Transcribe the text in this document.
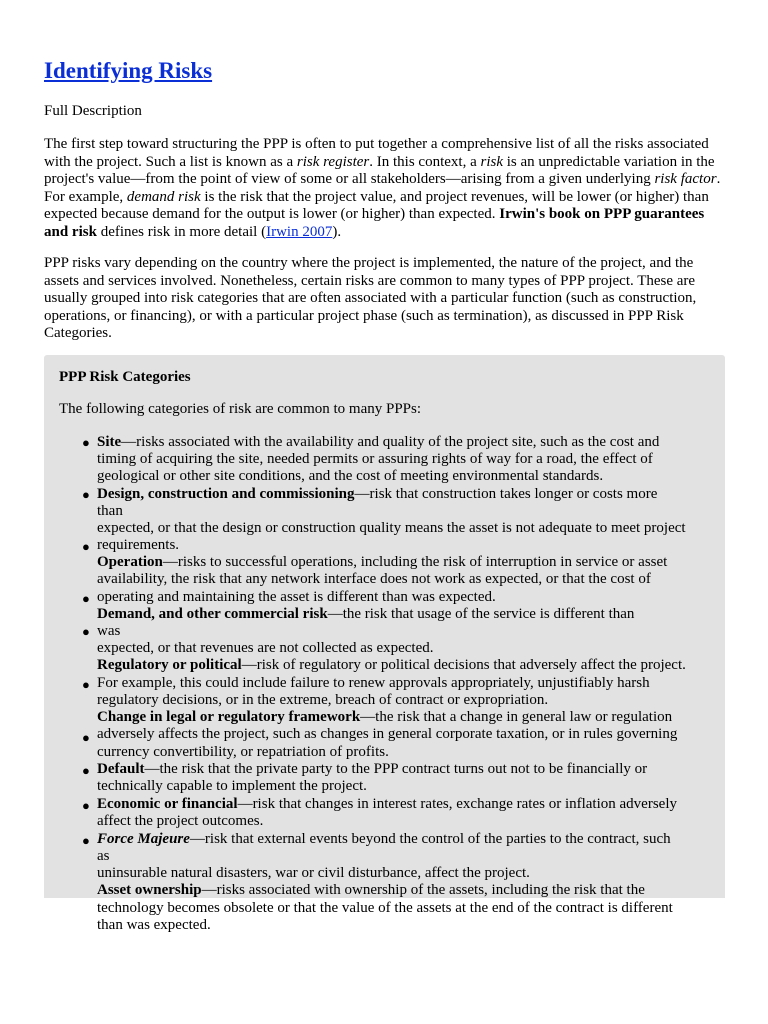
Identifying Risks

Full Description

The first step toward structuring the PPP is often to put together a comprehensive list of all the risks associated with the project. Such a list is known as a risk register. In this context, a risk is an unpredictable variation in the project's value—from the point of view of some or all stakeholders—arising from a given underlying risk factor. For example, demand risk is the risk that the project value, and project revenues, will be lower (or higher) than expected because demand for the output is lower (or higher) than expected. Irwin's book on PPP guarantees and risk defines risk in more detail (Irwin 2007).

PPP risks vary depending on the country where the project is implemented, the nature of the project, and the assets and services involved. Nonetheless, certain risks are common to many types of PPP project. These are usually grouped into risk categories that are often associated with a particular function (such as construction, operations, or financing), or with a particular project phase (such as termination), as discussed in PPP Risk Categories.

PPP Risk Categories
The following categories of risk are common to many PPPs:
Site—risks associated with the availability and quality of the project site, such as the cost and
timing of acquiring the site, needed permits or assuring rights of way for a road, the effect of
geological or other site conditions, and the cost of meeting environmental standards.
Design, construction and commissioning—risk that construction takes longer or costs more
than
expected, or that the design or construction quality means the asset is not adequate to meet project
requirements.
Operation—risks to successful operations, including the risk of interruption in service or asset
availability, the risk that any network interface does not work as expected, or that the cost of
operating and maintaining the asset is different than was expected.
Demand, and other commercial risk—the risk that usage of the service is different than
was
expected, or that revenues are not collected as expected.
Regulatory or political—risk of regulatory or political decisions that adversely affect the project.
For example, this could include failure to renew approvals appropriately, unjustifiably harsh
regulatory decisions, or in the extreme, breach of contract or expropriation.
Change in legal or regulatory framework—the risk that a change in general law or regulation
adversely affects the project, such as changes in general corporate taxation, or in rules governing
currency convertibility, or repatriation of profits.
Default—the risk that the private party to the PPP contract turns out not to be financially or
technically capable to implement the project.
Economic or financial—risk that changes in interest rates, exchange rates or inflation adversely
affect the project outcomes.
Force Majeure—risk that external events beyond the control of the parties to the contract, such
as
uninsurable natural disasters, war or civil disturbance, affect the project.
Asset ownership—risks associated with ownership of the assets, including the risk that the
technology becomes obsolete or that the value of the assets at the end of the contract is different
than was expected.
●
●
●
●
●
●
●
●
●
●
